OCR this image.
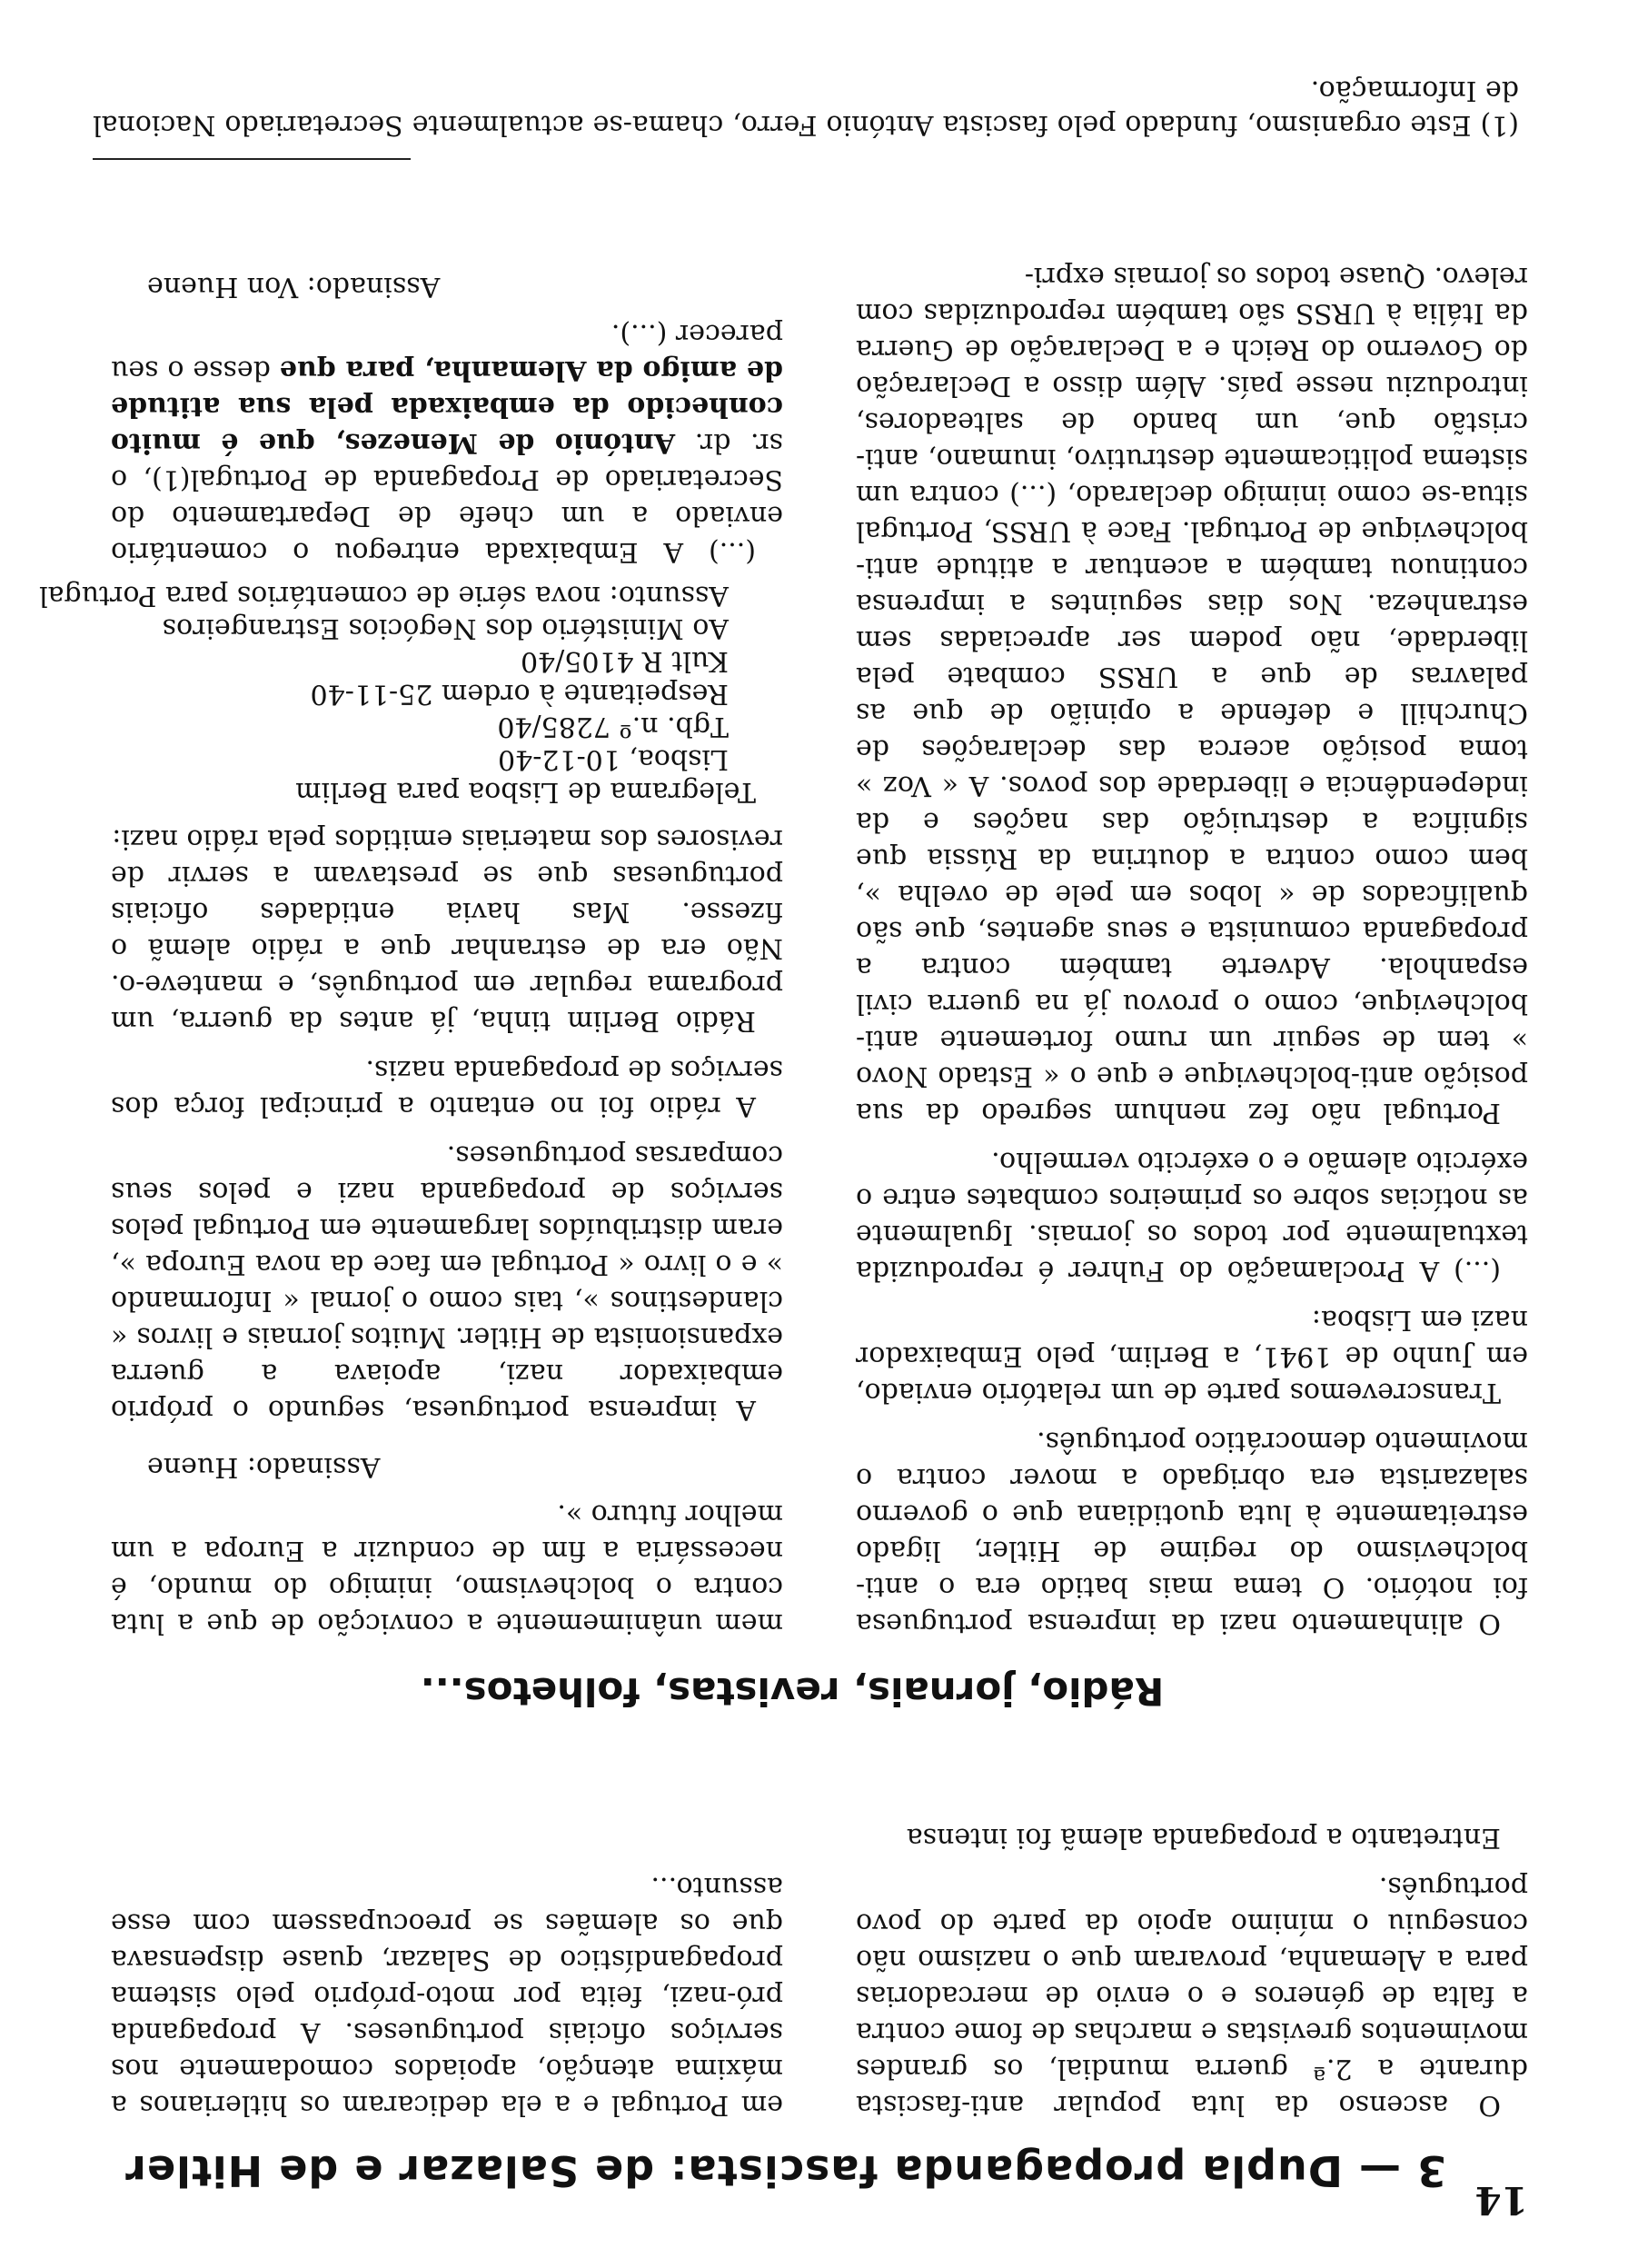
14
3 — Dupla propaganda fascista: de Salazar e de Hitler

O ascenso da luta popular anti-fascista durante a 2.ª guerra mundial, os grandes movimentos grevistas e marchas de fome contra a falta de géneros e o envio de mercadorias para a Alemanha, provaram que o nazismo não conseguiu o mínimo apoio da parte do povo português.

Entretanto a propaganda alemã foi intensa

em Portugal e a ela dedicaram os hitlerianos a máxima atenção, apoiados comodamente nos serviços oficiais portugueses. A propaganda pró-nazi, feita por moto-próprio pelo sistema propagandístico de Salazar, quase dispensava que os alemães se preocupassem com esse assunto...

Rádio, jornais, revistas, folhetos...

O alinhamento nazi da imprensa portuguesa foi notório. O tema mais batido era o anti-bolchevismo do regime de Hitler, ligado estreitamente à luta quotidiana que o governo salazarista era obrigado a mover contra o movimento democrático português.

Transcrevemos parte de um relatório enviado, em Junho de 1941, a Berlim, pelo Embaixador nazi em Lisboa:

(...) A Proclamação do Fuhrer é reproduzida textualmente por todos os jornais. Igualmente as notícias sobre os primeiros combates entre o exército alemão e o exército vermelho.

Portugal não fez nenhum segredo da sua posição anti-bolchevique e que o « Estado Novo » tem de seguir um rumo fortemente anti-bolchevique, como o provou já na guerra civil espanhola. Adverte também contra a propaganda comunista e seus agentes, que são qualificados de « lobos em pele de ovelha », bem como contra a doutrina da Rússia que significa a destruição das nações e da independência e liberdade dos povos. A « Voz » toma posição acerca das declarações de Churchill e defende a opinião de que as palavras de que a URSS combate pela liberdade, não podem ser apreciadas sem estranheza. Nos dias seguintes a imprensa continuou também a acentuar a atitude anti-bolchevique de Portugal. Face à URSS, Portugal situa-se como inimigo declarado, (...) contra um sistema politicamente destrutivo, inumano, anti-cristão que, um bando de salteadores, introduziu nesse país. Além disso a Declaração do Governo do Reich e a Declaração de Guerra da Itália à URSS são também reproduzidas com relevo. Quase todos os jornais expri-

mem unânimemente a convicção de que a luta contra o bolchevismo, inimigo do mundo, é necessária a fim de conduzir a Europa a um melhor futuro ».

Assinado: Huene

A imprensa portuguesa, segundo o próprio embaixador nazi, apoiava a guerra expansionista de Hitler. Muitos jornais e livros « clandestinos », tais como o jornal « Informando » e o livro « Portugal em face da nova Europa », eram distribuídos largamente em Portugal pelos serviços de propaganda nazi e pelos seus comparsas portugueses.

A rádio foi no entanto a principal força dos serviços de propaganda nazis.

Rádio Berlim tinha, já antes da guerra, um programa regular em português, e manteve-o. Não era de estranhar que a rádio alemã o fizesse. Mas havia entidades oficiais portuguesas que se prestavam a servir de revisores dos materiais emitidos pela rádio nazi:

Telegrama de Lisboa para Berlim
Lisboa, 10-12-40
Tgb. n.º 7285/40
Respeitante à ordem 25-11-40
Kult R 4105/40
Ao Ministério dos Negócios Estrangeiros
Assunto: nova série de comentários para Portugal

(...) A Embaixada entregou o comentário enviado a um chefe de Departamento do Secretariado de Propaganda de Portugal(1), o sr. dr. António de Menezes, que é muito conhecido da embaixada pela sua atitude de amigo da Alemanha, para que desse o seu parecer (...).

Assinado: Von Huene
(1) Este organismo, fundado pelo fascista António Ferro, chama-se actualmente Secretariado Nacional de Informação.
